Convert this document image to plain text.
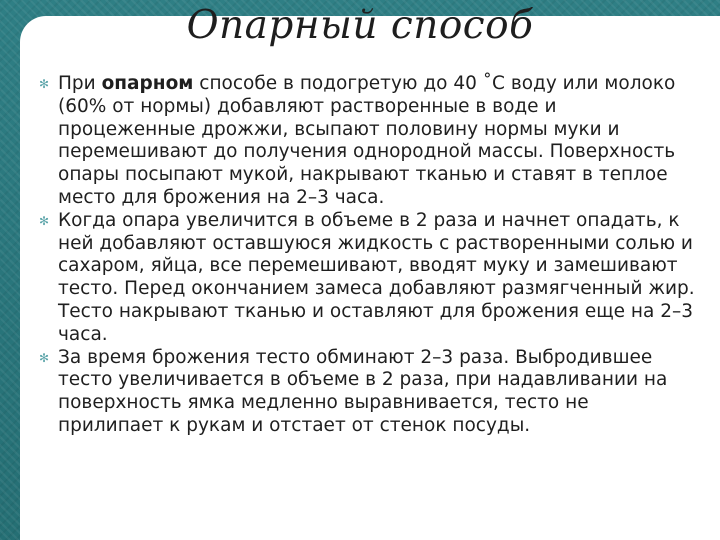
Опарный способ

✻ При опарном способе в подогретую до 40 ˚С воду или молоко (60% от нормы) добавляют растворенные в воде и процеженные дрожжи, всыпают половину нормы муки и перемешивают до получения однородной массы. Поверхность опары посыпают мукой, накрывают тканью и ставят в теплое место для брожения на 2–3 часа.

✻ Когда опара увеличится в объеме в 2 раза и начнет опадать, к ней добавляют оставшуюся жидкость с растворенными солью и сахаром, яйца, все перемешивают, вводят муку и замешивают тесто. Перед окончанием замеса добавляют размягченный жир. Тесто накрывают тканью и оставляют для брожения еще на 2–3 часа.

✻ За время брожения тесто обминают 2–3 раза. Выбродившее тесто увеличивается в объеме в 2 раза, при надавливании на поверхность ямка медленно выравнивается, тесто не прилипает к рукам и отстает от стенок посуды.
